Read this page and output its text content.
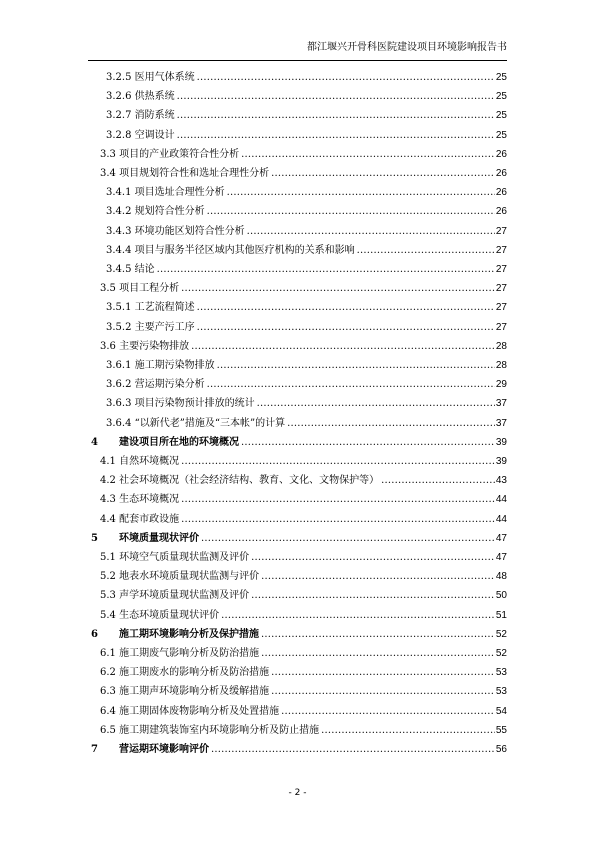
都江堰兴开骨科医院建设项目环境影响报告书
3.2.5 医用气体系统 .....	25
3.2.6 供热系统 .....	25
3.2.7 消防系统 .....	25
3.2.8 空调设计 .....	25
3.3 项目的产业政策符合性分析 .....	26
3.4 项目规划符合性和选址合理性分析 .....	26
3.4.1 项目选址合理性分析 .....	26
3.4.2 规划符合性分析 .....	26
3.4.3 环境功能区划符合性分析 .....	27
3.4.4 项目与服务半径区域内其他医疗机构的关系和影响 .....	27
3.4.5 结论 .....	27
3.5 项目工程分析 .....	27
3.5.1 工艺流程简述 .....	27
3.5.2 主要产污工序 .....	27
3.6 主要污染物排放 .....	28
3.6.1 施工期污染物排放 .....	28
3.6.2 营运期污染分析 .....	29
3.6.3 项目污染物预计排放的统计 .....	37
3.6.4 “以新代老”措施及“三本帐”的计算 .....	37
4 建设项目所在地的环境概况 .....	39
4.1 自然环境概况 .....	39
4.2 社会环境概况（社会经济结构、教育、文化、文物保护等） .....	43
4.3 生态环境概况 .....	44
4.4 配套市政设施 .....	44
5 环境质量现状评价 .....	47
5.1 环境空气质量现状监测及评价 .....	47
5.2 地表水环境质量现状监测与评价 .....	48
5.3 声学环境质量现状监测及评价 .....	50
5.4 生态环境质量现状评价 .....	51
6 施工期环境影响分析及保护措施 .....	52
6.1 施工期废气影响分析及防治措施 .....	52
6.2 施工期废水的影响分析及防治措施 .....	53
6.3 施工期声环境影响分析及缓解措施 .....	53
6.4 施工期固体废物影响分析及处置措施 .....	54
6.5 施工期建筑装饰室内环境影响分析及防止措施 .....	55
7 营运期环境影响评价 .....	56
- 2 -
